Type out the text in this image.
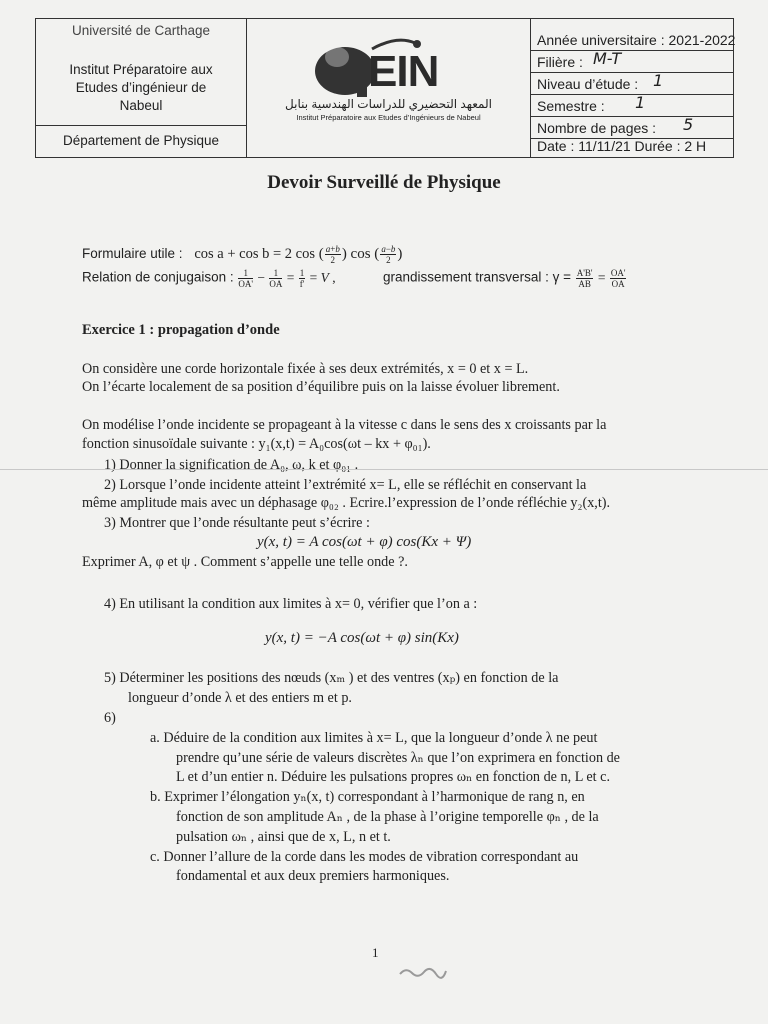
Université de Carthage
Institut Préparatoire aux
Etudes d’ingénieur de
Nabeul
Département de Physique
EIN
المعهد التحضيري للدراسات الهندسية بنابل
Institut Préparatoire aux Etudes d’Ingénieurs de Nabeul
Année universitaire : 2021-2022
Filière :
Niveau d’étude :
Semestre :
Nombre de pages :
Date : 11/11/21 Durée : 2 H
M-T
1
1
5
Devoir Surveillé de Physique
Formulaire utile : cos a + cos b = 2 cos ( $\frac{a+b}{2}$ ) cos ( $\frac{a-b}{2}$ )
Relation de conjugaison : $\frac{1}{OA'} - \frac{1}{OA} = \frac{1}{f'} = V$ ,	grandissement transversal : $\gamma = \frac{A'B'}{AB} = \frac{OA'}{OA}$
Exercice 1 : propagation d’onde
On considère une corde horizontale fixée à ses deux extrémités, x = 0 et x = L.
On l’écarte localement de sa position d’équilibre puis on la laisse évoluer librement.
On modélise l’onde incidente se propageant à la vitesse c dans le sens des x croissants par la
fonction sinusoïdale suivante : y₁(x,t) = A₀cos(ωt – kx + φ₀₁).
1) Donner la signification de A₀, ω, k et φ₀₁ .
2) Lorsque l’onde incidente atteint l’extrémité x= L, elle se réfléchit en conservant la
même amplitude mais avec un déphasage φ₀₂ . Ecrire.l’expression de l’onde réfléchie y₂(x,t).
3) Montrer que l’onde résultante peut s’écrire :
y(x, t) = A cos(ωt + φ) cos(Kx + Ψ)
Exprimer A, φ et ψ . Comment s’appelle une telle onde ?.
4) En utilisant la condition aux limites à x= 0, vérifier que l’on a :
y(x, t) = −A cos(ωt + φ) sin(Kx)
5) Déterminer les positions des nœuds (xₘ ) et des ventres (xₚ) en fonction de la
longueur d’onde λ et des entiers m et p.
6)
a. Déduire de la condition aux limites à x= L, que la longueur d’onde λ ne peut
prendre qu’une série de valeurs discrètes λₙ que l’on exprimera en fonction de
L et d’un entier n. Déduire les pulsations propres ωₙ en fonction de n, L et c.
b. Exprimer l’élongation yₙ(x, t) correspondant à l’harmonique de rang n, en
fonction de son amplitude Aₙ , de la phase à l’origine temporelle φₙ , de la
pulsation ωₙ , ainsi que de x, L, n et t.
c. Donner l’allure de la corde dans les modes de vibration correspondant au
fondamental et aux deux premiers harmoniques.
1
